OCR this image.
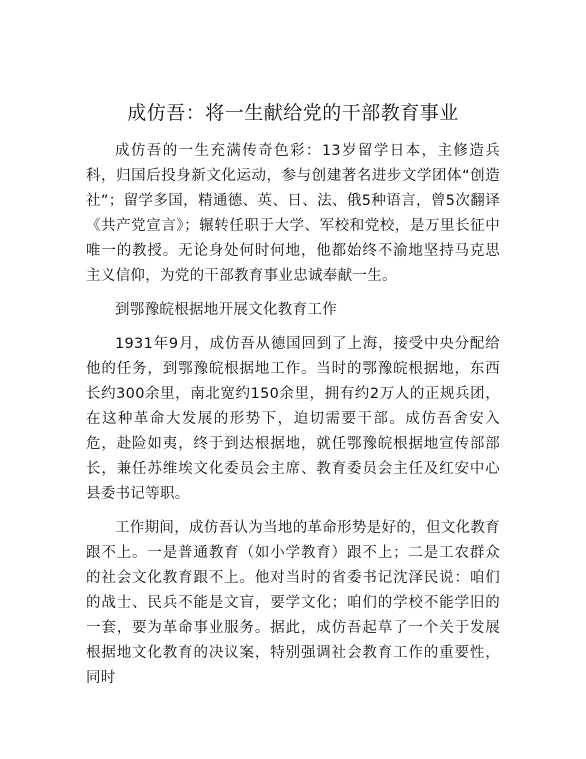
成仿吾：将一生献给党的干部教育事业

成仿吾的一生充满传奇色彩：13岁留学日本，主修造兵科，归国后投身新文化运动，参与创建著名进步文学团体“创造社”；留学多国，精通德、英、日、法、俄5种语言，曾5次翻译《共产党宣言》；辗转任职于大学、军校和党校，是万里长征中唯一的教授。无论身处何时何地，他都始终不渝地坚持马克思主义信仰，为党的干部教育事业忠诚奉献一生。

到鄂豫皖根据地开展文化教育工作

1931年9月，成仿吾从德国回到了上海，接受中央分配给他的任务，到鄂豫皖根据地工作。当时的鄂豫皖根据地，东西长约300余里，南北宽约150余里，拥有约2万人的正规兵团，在这种革命大发展的形势下，迫切需要干部。成仿吾舍安入危，赴险如夷，终于到达根据地，就任鄂豫皖根据地宣传部部长，兼任苏维埃文化委员会主席、教育委员会主任及红安中心县委书记等职。

工作期间，成仿吾认为当地的革命形势是好的，但文化教育跟不上。一是普通教育（如小学教育）跟不上；二是工农群众的社会文化教育跟不上。他对当时的省委书记沈泽民说：咱们的战士、民兵不能是文盲，要学文化；咱们的学校不能学旧的一套，要为革命事业服务。据此，成仿吾起草了一个关于发展根据地文化教育的决议案，特别强调社会教育工作的重要性，同时
